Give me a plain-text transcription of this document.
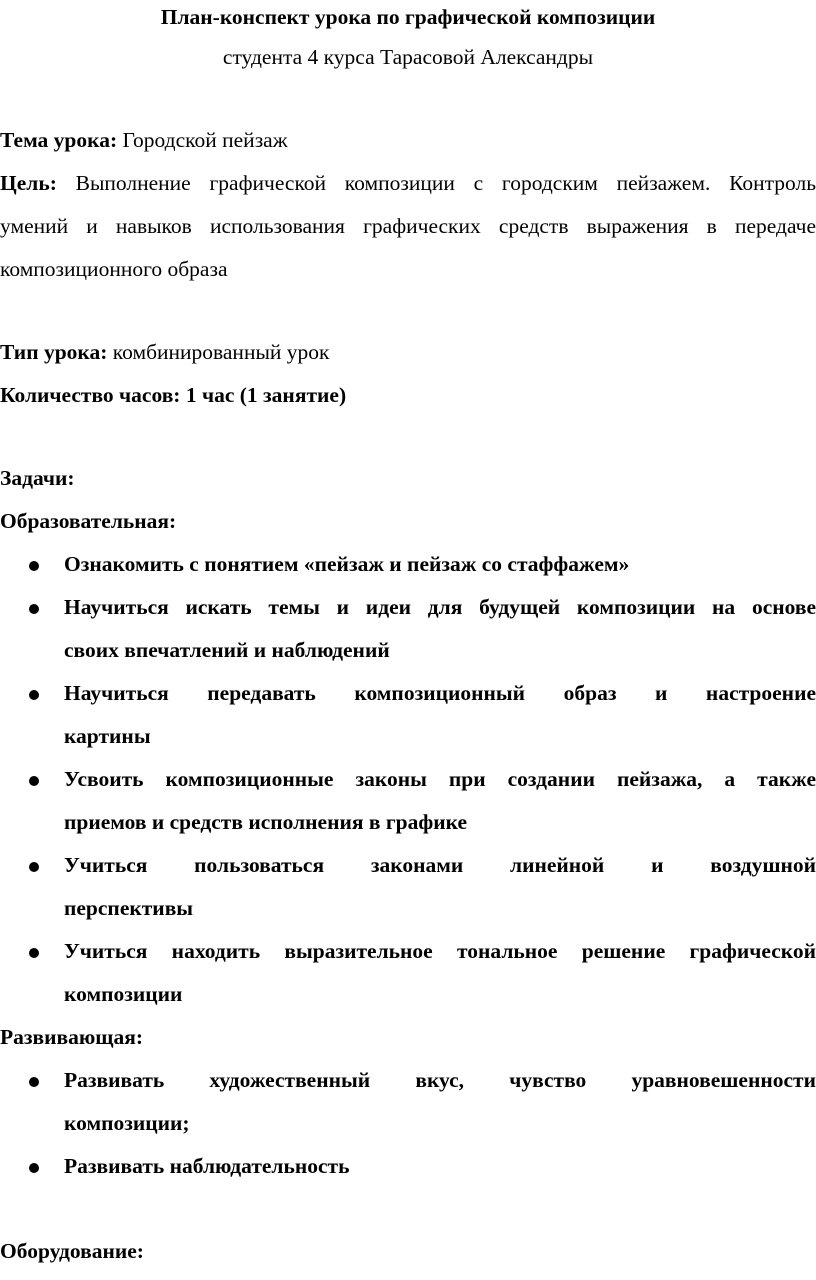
План-конспект урока по графической композиции
студента 4 курса Тарасовой Александры
Тема урока: Городской пейзаж
Цель: Выполнение графической композиции с городским пейзажем. Контроль
умений и навыков использования графических средств выражения в передаче
композиционного образа
Тип урока: комбинированный урок
Количество часов: 1 час (1 занятие)
Задачи:
Образовательная:
Ознакомить с понятием «пейзаж и пейзаж со стаффажем»
Научиться искать темы и идеи для будущей композиции на основе
своих впечатлений и наблюдений
Научиться передавать композиционный образ и настроение
картины
Усвоить композиционные законы при создании пейзажа, а также
приемов и средств исполнения в графике
Учиться пользоваться законами линейной и воздушной
перспективы
Учиться находить выразительное тональное решение графической
композиции
Развивающая:
Развивать художественный вкус, чувство уравновешенности
композиции;
Развивать наблюдательность
Оборудование:
